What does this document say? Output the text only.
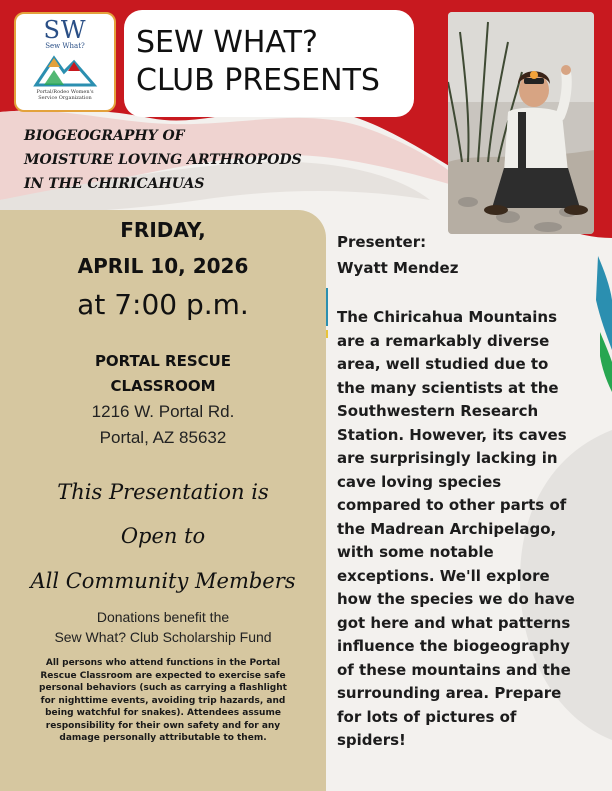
SW
Sew What?
Portal/Rodeo Women's
Service Organization
SEW WHAT?
CLUB PRESENTS
BIOGEOGRAPHY OF
MOISTURE LOVING ARTHROPODS
IN THE CHIRICAHUAS
FRIDAY,
APRIL 10, 2026
at 7:00 p.m.
PORTAL RESCUE
CLASSROOM
1216 W. Portal Rd.
Portal, AZ 85632
This Presentation is
Open to
All Community Members
Donations benefit the
Sew What? Club Scholarship Fund
All persons who attend functions in the Portal
Rescue Classroom are expected to exercise safe
personal behaviors (such as carrying a flashlight
for nighttime events, avoiding trip hazards, and
being watchful for snakes). Attendees assume
responsibility for their own safety and for any
damage personally attributable to them.
Presenter:
Wyatt Mendez
The Chiricahua Mountains
are a remarkably diverse
area, well studied due to
the many scientists at the
Southwestern Research
Station. However, its caves
are surprisingly lacking in
cave loving species
compared to other parts of
the Madrean Archipelago,
with some notable
exceptions. We'll explore
how the species we do have
got here and what patterns
influence the biogeography
of these mountains and the
surrounding area. Prepare
for lots of pictures of
spiders!
